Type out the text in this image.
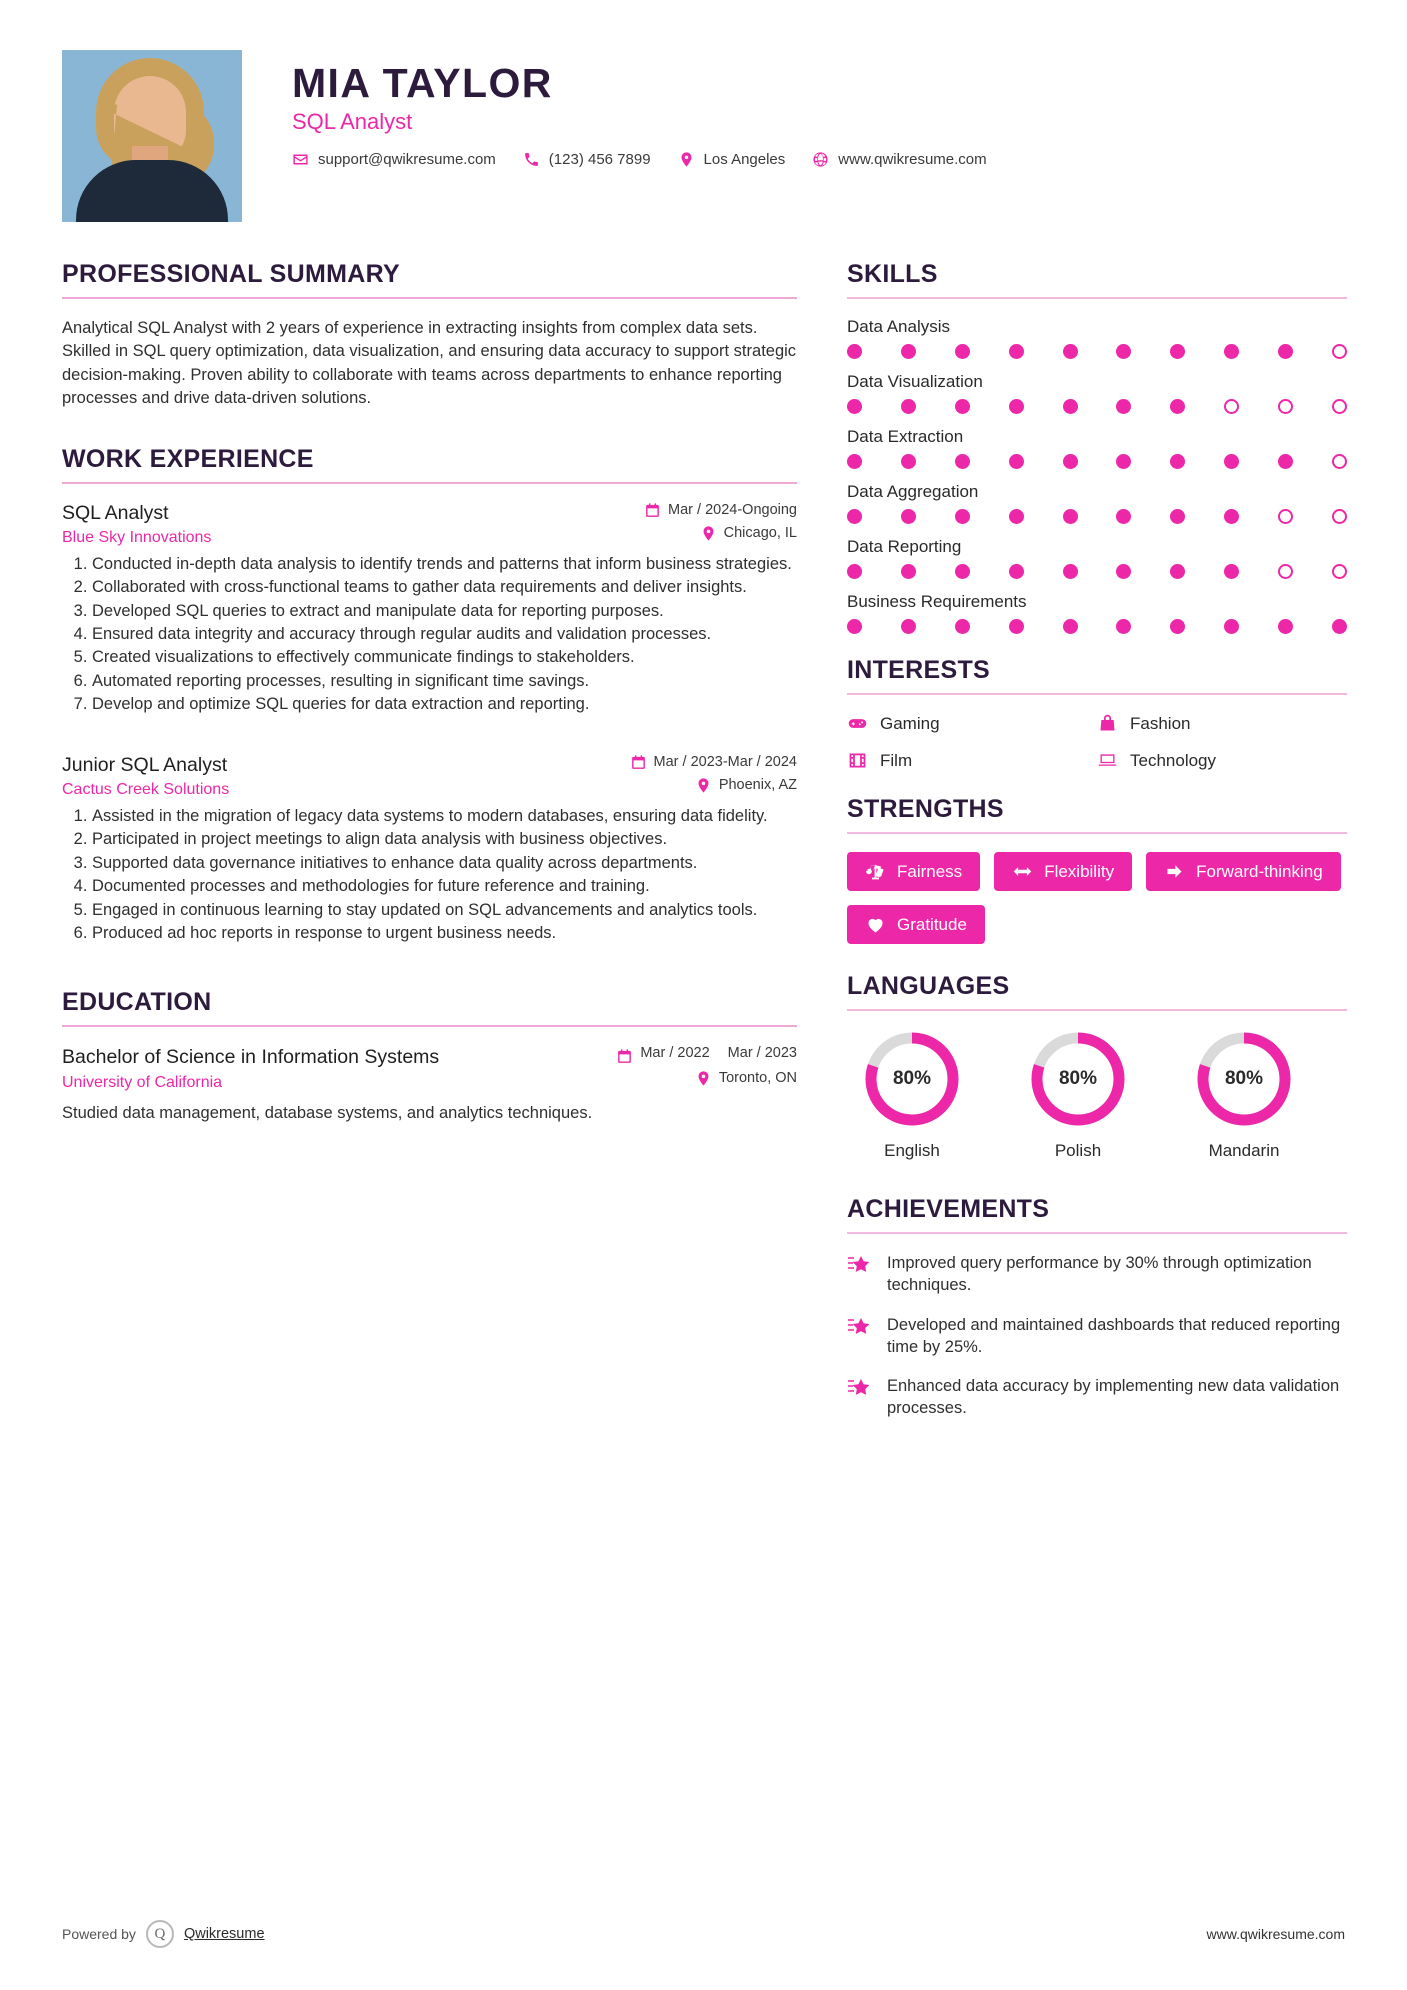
MIA TAYLOR
SQL Analyst
support@qwikresume.com	(123) 456 7899	Los Angeles	www.qwikresume.com
PROFESSIONAL SUMMARY
Analytical SQL Analyst with 2 years of experience in extracting insights from complex data sets. Skilled in SQL query optimization, data visualization, and ensuring data accuracy to support strategic decision-making. Proven ability to collaborate with teams across departments to enhance reporting processes and drive data-driven solutions.
WORK EXPERIENCE
SQL Analyst	Mar / 2024-Ongoing
Blue Sky Innovations	Chicago, IL
1. Conducted in-depth data analysis to identify trends and patterns that inform business strategies.
2. Collaborated with cross-functional teams to gather data requirements and deliver insights.
3. Developed SQL queries to extract and manipulate data for reporting purposes.
4. Ensured data integrity and accuracy through regular audits and validation processes.
5. Created visualizations to effectively communicate findings to stakeholders.
6. Automated reporting processes, resulting in significant time savings.
7. Develop and optimize SQL queries for data extraction and reporting.
Junior SQL Analyst	Mar / 2023-Mar / 2024
Cactus Creek Solutions	Phoenix, AZ
1. Assisted in the migration of legacy data systems to modern databases, ensuring data fidelity.
2. Participated in project meetings to align data analysis with business objectives.
3. Supported data governance initiatives to enhance data quality across departments.
4. Documented processes and methodologies for future reference and training.
5. Engaged in continuous learning to stay updated on SQL advancements and analytics tools.
6. Produced ad hoc reports in response to urgent business needs.
EDUCATION
Bachelor of Science in Information Systems	Mar / 2022 Mar / 2023
University of California	Toronto, ON
Studied data management, database systems, and analytics techniques.
SKILLS
Data Analysis
Data Visualization
Data Extraction
Data Aggregation
Data Reporting
Business Requirements
INTERESTS
Gaming	Fashion
Film	Technology
STRENGTHS
Fairness	Flexibility	Forward-thinking
Gratitude
LANGUAGES
80%
English
80%
Polish
80%
Mandarin
ACHIEVEMENTS
Improved query performance by 30% through optimization techniques.
Developed and maintained dashboards that reduced reporting time by 25%.
Enhanced data accuracy by implementing new data validation processes.
Powered by	Q	Qwikresume	www.qwikresume.com
